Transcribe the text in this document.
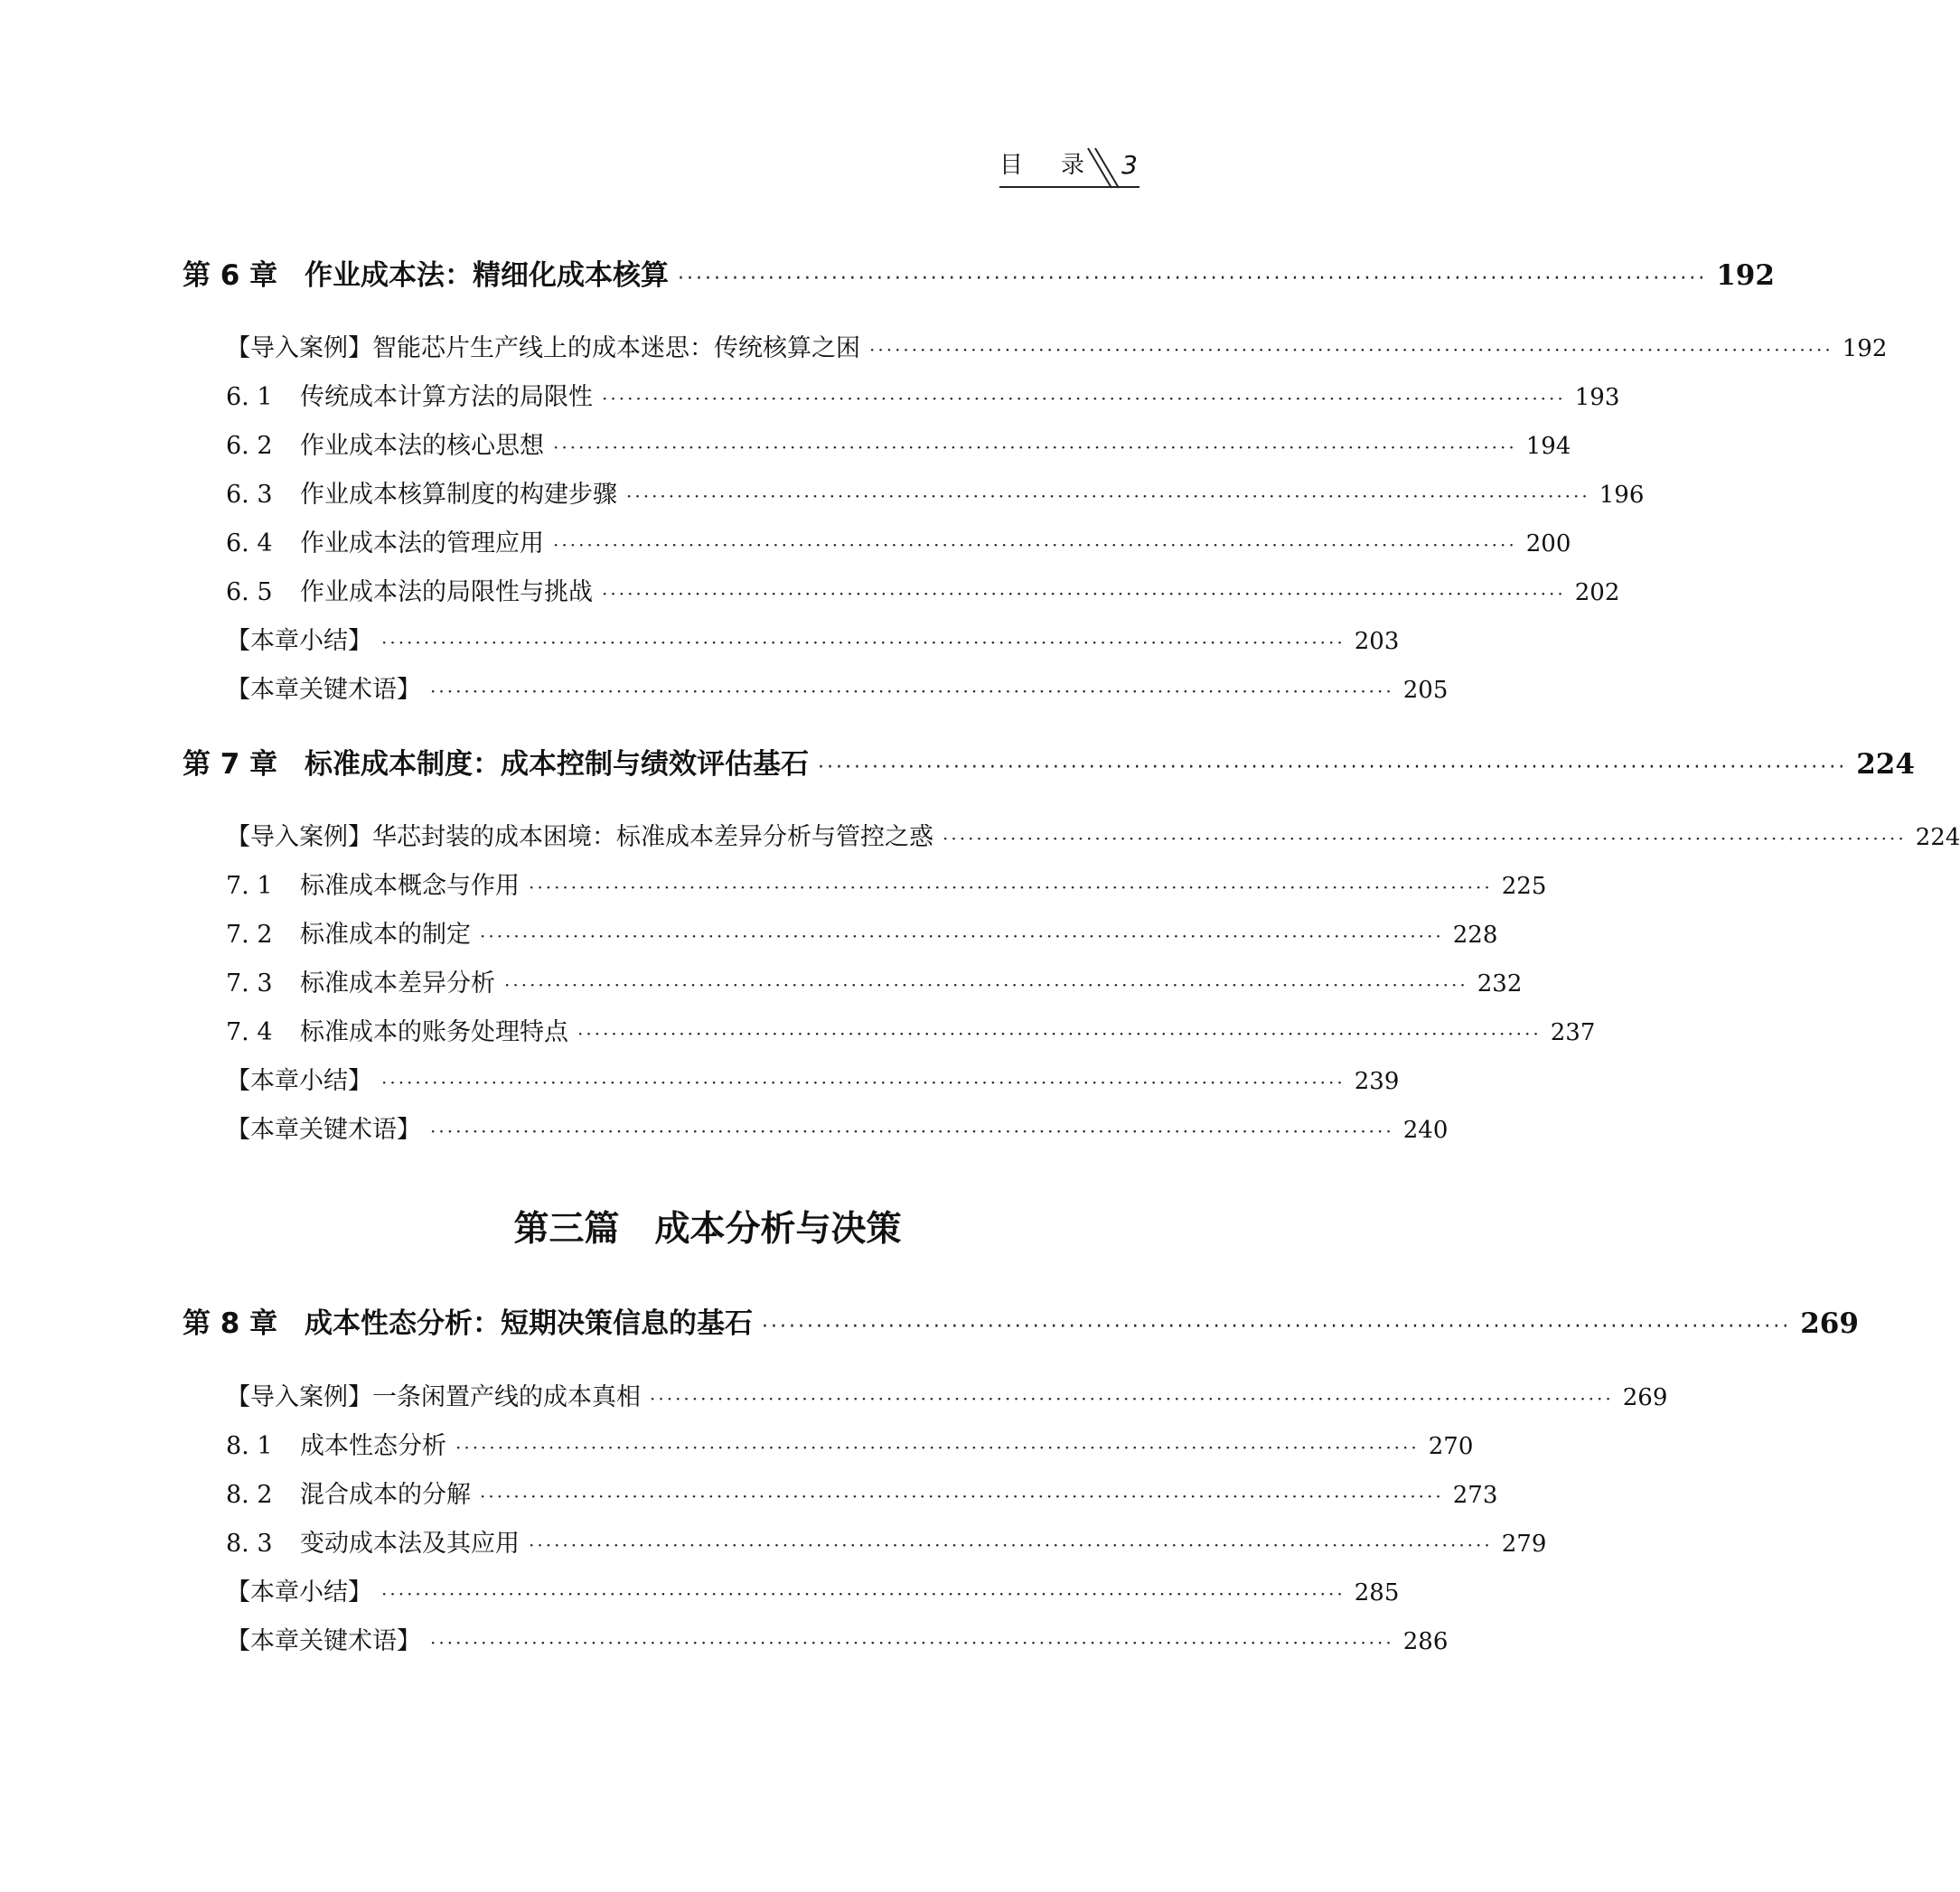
目录 3
第 6 章 作业成本法：精细化成本核算 ·················································································································· 192
【导入案例】智能芯片生产线上的成本迷思：传统核算之困 ·················································································································· 192
6. 1 传统成本计算方法的局限性 ·················································································································· 193
6. 2 作业成本法的核心思想 ·················································································································· 194
6. 3 作业成本核算制度的构建步骤 ·················································································································· 196
6. 4 作业成本法的管理应用 ·················································································································· 200
6. 5 作业成本法的局限性与挑战 ·················································································································· 202
【本章小结】 ·················································································································· 203
【本章关键术语】 ·················································································································· 205
第 7 章 标准成本制度：成本控制与绩效评估基石 ·················································································································· 224
【导入案例】华芯封装的成本困境：标准成本差异分析与管控之惑 ·················································································································· 224
7. 1 标准成本概念与作用 ·················································································································· 225
7. 2 标准成本的制定 ·················································································································· 228
7. 3 标准成本差异分析 ·················································································································· 232
7. 4 标准成本的账务处理特点 ·················································································································· 237
【本章小结】 ·················································································································· 239
【本章关键术语】 ·················································································································· 240
第三篇　成本分析与决策
第 8 章 成本性态分析：短期决策信息的基石 ·················································································································· 269
【导入案例】一条闲置产线的成本真相 ·················································································································· 269
8. 1 成本性态分析 ·················································································································· 270
8. 2 混合成本的分解 ·················································································································· 273
8. 3 变动成本法及其应用 ·················································································································· 279
【本章小结】 ·················································································································· 285
【本章关键术语】 ·················································································································· 286
